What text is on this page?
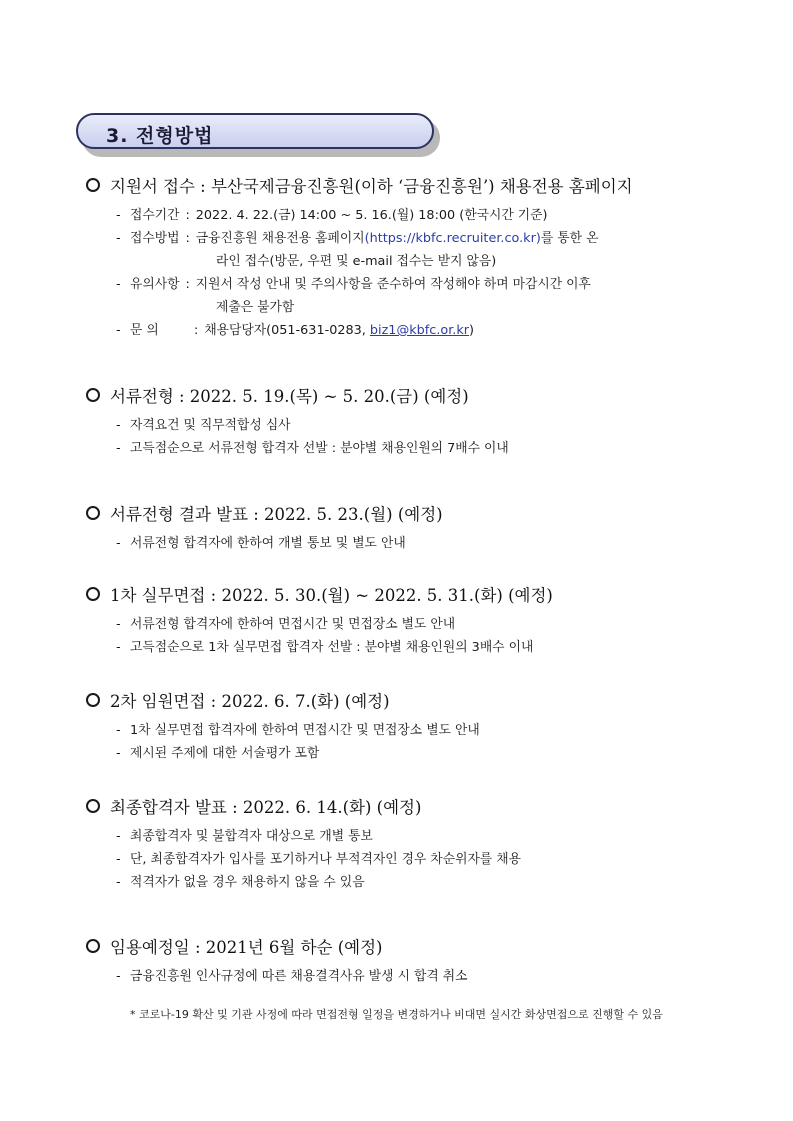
3. 전형방법
지원서 접수 : 부산국제금융진흥원(이하 ‘금융진흥원’) 채용전용 홈페이지
- 접수기간 : 2022. 4. 22.(금) 14:00 ~ 5. 16.(월) 18:00 (한국시간 기준)
- 접수방법 : 금융진흥원 채용전용 홈페이지(https://kbfc.recruiter.co.kr)를 통한 온
라인 접수(방문, 우편 및 e-mail 접수는 받지 않음)
- 유의사항 : 지원서 작성 안내 및 주의사항을 준수하여 작성해야 하며 마감시간 이후
제출은 불가함
- 문 의	: 채용담당자(051-631-0283, biz1@kbfc.or.kr)
서류전형 : 2022. 5. 19.(목) ~ 5. 20.(금) (예정)
- 자격요건 및 직무적합성 심사
- 고득점순으로 서류전형 합격자 선발 : 분야별 채용인원의 7배수 이내
서류전형 결과 발표 : 2022. 5. 23.(월) (예정)
- 서류전형 합격자에 한하여 개별 통보 및 별도 안내
1차 실무면접 : 2022. 5. 30.(월) ~ 2022. 5. 31.(화) (예정)
- 서류전형 합격자에 한하여 면접시간 및 면접장소 별도 안내
- 고득점순으로 1차 실무면접 합격자 선발 : 분야별 채용인원의 3배수 이내
2차 임원면접 : 2022. 6. 7.(화) (예정)
- 1차 실무면접 합격자에 한하여 면접시간 및 면접장소 별도 안내
- 제시된 주제에 대한 서술평가 포함
최종합격자 발표 : 2022. 6. 14.(화) (예정)
- 최종합격자 및 불합격자 대상으로 개별 통보
- 단, 최종합격자가 입사를 포기하거나 부적격자인 경우 차순위자를 채용
- 적격자가 없을 경우 채용하지 않을 수 있음
임용예정일 : 2021년 6월 하순 (예정)
- 금융진흥원 인사규정에 따른 채용결격사유 발생 시 합격 취소
* 코로나-19 확산 및 기관 사정에 따라 면접전형 일정을 변경하거나 비대면 실시간 화상면접으로 진행할 수 있음
